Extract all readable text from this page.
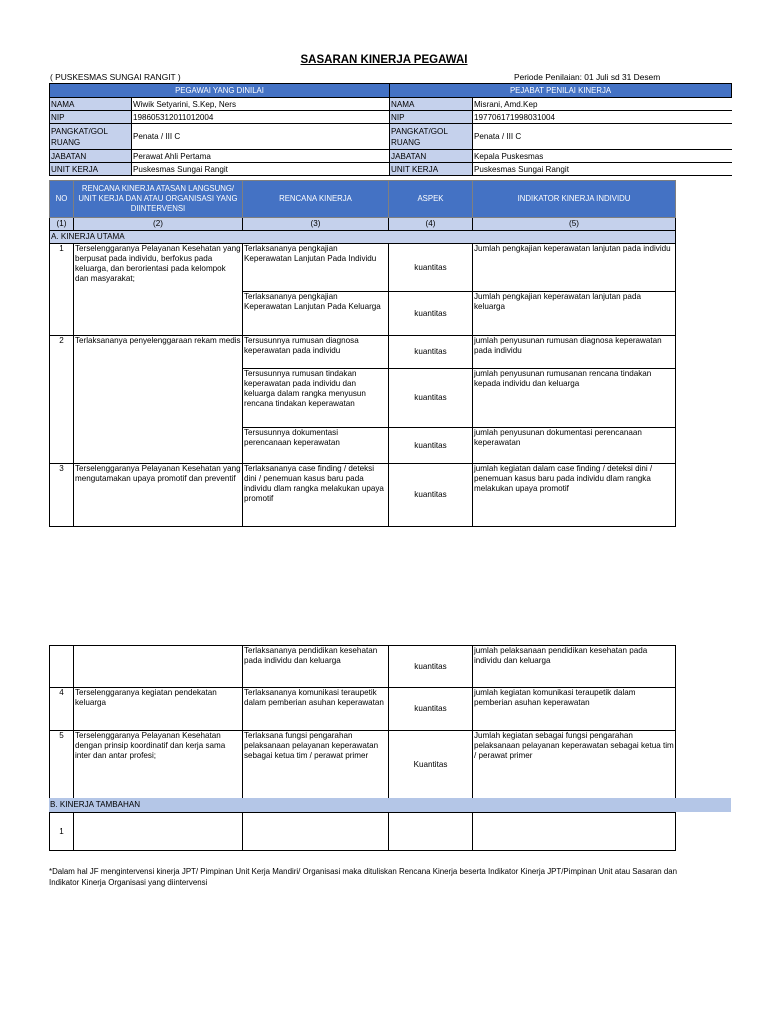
SASARAN KINERJA PEGAWAI
( PUSKESMAS SUNGAI RANGIT )	Periode Penilaian: 01 Juli sd 31 Desem
PEGAWAI YANG DINILAI		PEJABAT PENILAI KINERJA	
NAMA	Wiwik Setyarini, S.Kep, Ners	NAMA	Misrani, Amd.Kep
NIP	198605312011012004	NIP	197706171998031004
PANGKAT/GOL RUANG	Penata / III C	PANGKAT/GOL RUANG	Penata / III C
JABATAN	Perawat Ahli Pertama	JABATAN	Kepala Puskesmas
UNIT KERJA	Puskesmas Sungai Rangit	UNIT KERJA	Puskesmas Sungai Rangit
NO	RENCANA KINERJA ATASAN LANGSUNG/ UNIT KERJA DAN ATAU ORGANISASI YANG DIINTERVENSI	RENCANA KINERJA	ASPEK	INDIKATOR KINERJA INDIVIDU
(1)	(2)	(3)	(4)	(5)
A. KINERJA UTAMA				
1	Terselenggaranya Pelayanan Kesehatan yang berpusat pada individu, berfokus pada keluarga, dan berorientasi pada kelompok dan masyarakat;	Terlaksananya pengkajian Keperawatan Lanjutan Pada Individu	kuantitas	Jumlah pengkajian keperawatan lanjutan pada individu
		Terlaksananya pengkajian Keperawatan Lanjutan Pada Keluarga	kuantitas	Jumlah pengkajian keperawatan lanjutan pada keluarga
2	Terlaksananya penyelenggaraan rekam medis	Tersusunnya rumusan diagnosa keperawatan pada individu	kuantitas	jumlah penyusunan rumusan diagnosa keperawatan pada individu
		Tersusunnya rumusan tindakan keperawatan pada individu dan keluarga dalam rangka menyusun rencana tindakan keperawatan	kuantitas	jumlah penyusunan rumusanan rencana tindakan kepada individu dan keluarga
		Tersusunnya dokumentasi perencanaan keperawatan	kuantitas	jumlah penyusunan dokumentasi perencanaan keperawatan
3	Terselenggaranya Pelayanan Kesehatan yang mengutamakan upaya promotif dan preventif	Terlaksananya case finding / deteksi dini / penemuan kasus baru pada individu dlam rangka melakukan upaya promotif	kuantitas	jumlah kegiatan dalam case finding / deteksi dini / penemuan kasus baru pada individu dlam rangka melakukan upaya promotif
		Terlaksananya pendidikan kesehatan pada individu dan keluarga	kuantitas	jumlah pelaksanaan pendidikan kesehatan pada individu dan keluarga
4	Terselenggaranya kegiatan pendekatan keluarga	Terlaksananya komunikasi teraupetik dalam pemberian asuhan keperawatan	kuantitas	jumlah kegiatan komunikasi teraupetik dalam pemberian asuhan keperawatan
5	Terselenggaranya Pelayanan Kesehatan dengan prinsip koordinatif dan kerja sama inter dan antar profesi;	Terlaksana fungsi pengarahan pelaksanaan pelayanan keperawatan sebagai ketua tim / perawat primer	Kuantitas	Jumlah kegiatan sebagai fungsi pengarahan pelaksanaan pelayanan keperawatan sebagai ketua tim / perawat primer
B. KINERJA TAMBAHAN
1				
*Dalam hal JF mengintervensi kinerja JPT/ Pimpinan Unit Kerja Mandiri/ Organisasi maka dituliskan Rencana Kinerja beserta Indikator Kinerja JPT/Pimpinan Unit atau Sasaran dan Indikator Kinerja Organisasi yang diintervensi
